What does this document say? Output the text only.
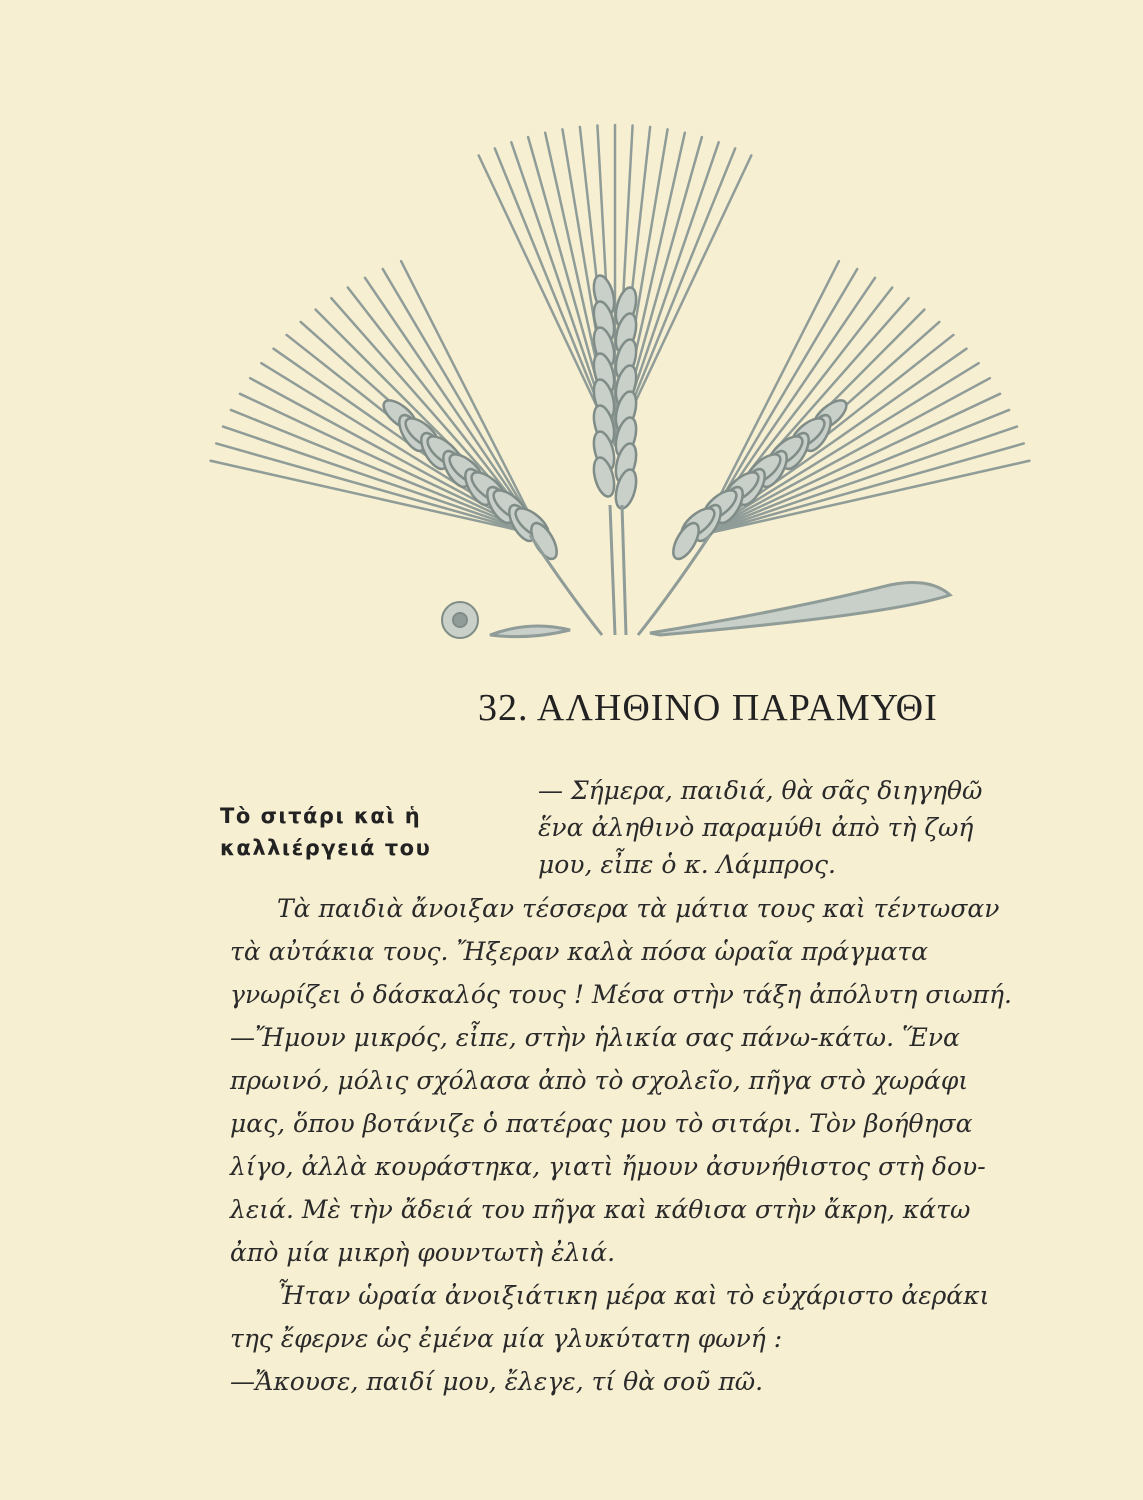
32. ΑΛΗΘΙΝΟ ΠΑΡΑΜΥΘΙ
Τὸ σιτάρι καὶ ἡ
καλλιέργειά του
— Σήμερα, παιδιά, θὰ σᾶς διηγηθῶ
ἕνα ἀληθινὸ παραμύθι ἀπὸ τὴ ζωή
μου, εἶπε ὁ κ. Λάμπρος.
Τὰ παιδιὰ ἄνοιξαν τέσσερα τὰ μάτια τους καὶ τέντωσαν
τὰ αὐτάκια τους. Ἤξεραν καλὰ πόσα ὡραῖα πράγματα
γνωρίζει ὁ δάσκαλός τους ! Μέσα στὴν τάξη ἀπόλυτη σιωπή.
—Ἤμουν μικρός, εἶπε, στὴν ἡλικία σας πάνω-κάτω. Ἕνα
πρωινό, μόλις σχόλασα ἀπὸ τὸ σχολεῖο, πῆγα στὸ χωράφι
μας, ὅπου βοτάνιζε ὁ πατέρας μου τὸ σιτάρι. Τὸν βοήθησα
λίγο, ἀλλὰ κουράστηκα, γιατὶ ἤμουν ἀσυνήθιστος στὴ δου-
λειά. Μὲ τὴν ἄδειά του πῆγα καὶ κάθισα στὴν ἄκρη, κάτω
ἀπὸ μία μικρὴ φουντωτὴ ἐλιά.
Ἦταν ὡραία ἀνοιξιάτικη μέρα καὶ τὸ εὐχάριστο ἀεράκι
της ἔφερνε ὡς ἐμένα μία γλυκύτατη φωνή :
—Ἄκουσε, παιδί μου, ἔλεγε, τί θὰ σοῦ πῶ.
